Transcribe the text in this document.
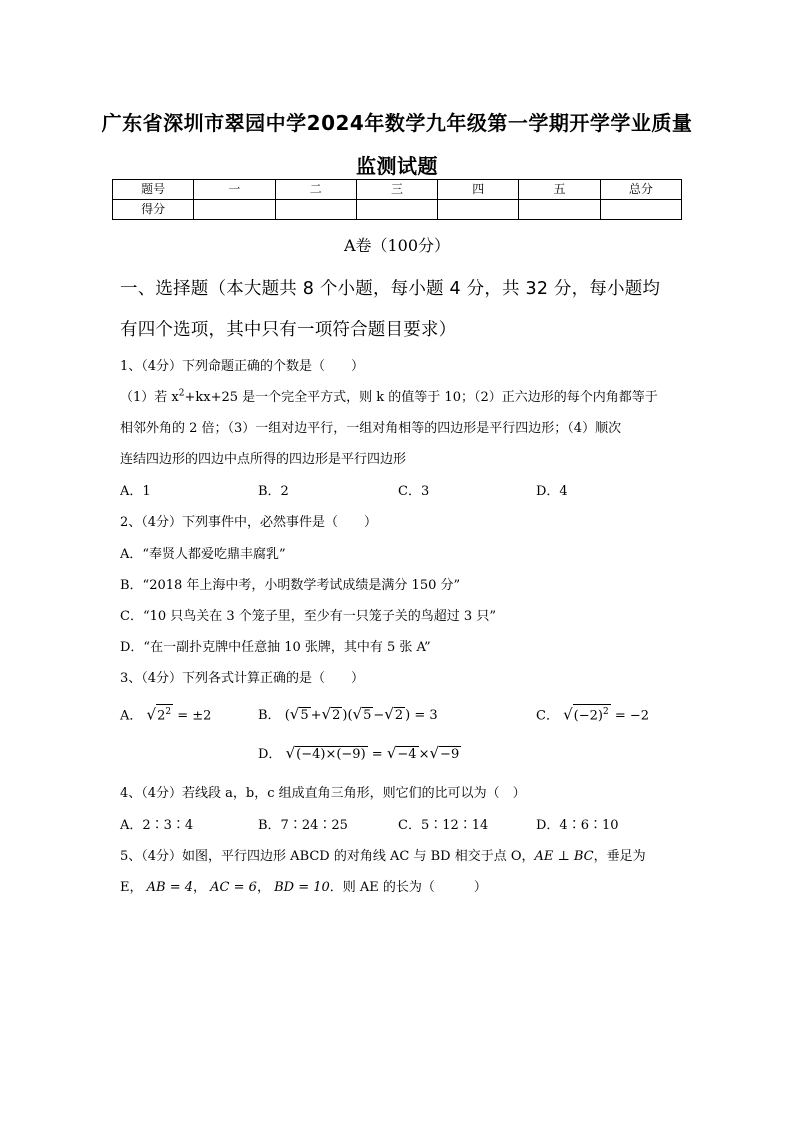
广东省深圳市翠园中学2024年数学九年级第一学期开学学业质量
监测试题
题号	一	二	三	四	五	总分
得分						
A卷（100分）
一、选择题（本大题共 8 个小题，每小题 4 分，共 32 分，每小题均
有四个选项，其中只有一项符合题目要求）
1、（4分）下列命题正确的个数是（　　）
（1）若 $x^2+kx+25$ 是一个完全平方式，则 k 的值等于 10；（2）正六边形的每个内角都等于
相邻外角的 2 倍；（3）一组对边平行，一组对角相等的四边形是平行四边形；（4）顺次
连结四边形的四边中点所得的四边形是平行四边形
A．1	B．2	C．3	D．4
2、（4分）下列事件中，必然事件是（　　）
A．“奉贤人都爱吃鼎丰腐乳”
B．“2018 年上海中考，小明数学考试成绩是满分 150 分”
C．“10 只鸟关在 3 个笼子里，至少有一只笼子关的鸟超过 3 只”
D．“在一副扑克牌中任意抽 10 张牌，其中有 5 张 A”
3、（4分）下列各式计算正确的是（　　）
A． $√2^2 = \pm 2$	B． (√5 +√2 )(√5 −√2 ) = 3	C． $√(-2)^2 = -2$
D． √(−4)×(−9) = √−4 ×√−9
4、（4分）若线段 a，b，c 组成直角三角形，则它们的比可以为（　）
A．2∶3∶4	B．7∶24∶25	C．5∶12∶14	D．4∶6∶10
5、（4分）如图，平行四边形 ABCD 的对角线 AC 与 BD 相交于点 O，AE ⊥ BC，垂足为
E， AB = 4， AC = 6， BD = 10．则 AE 的长为（　　　）
